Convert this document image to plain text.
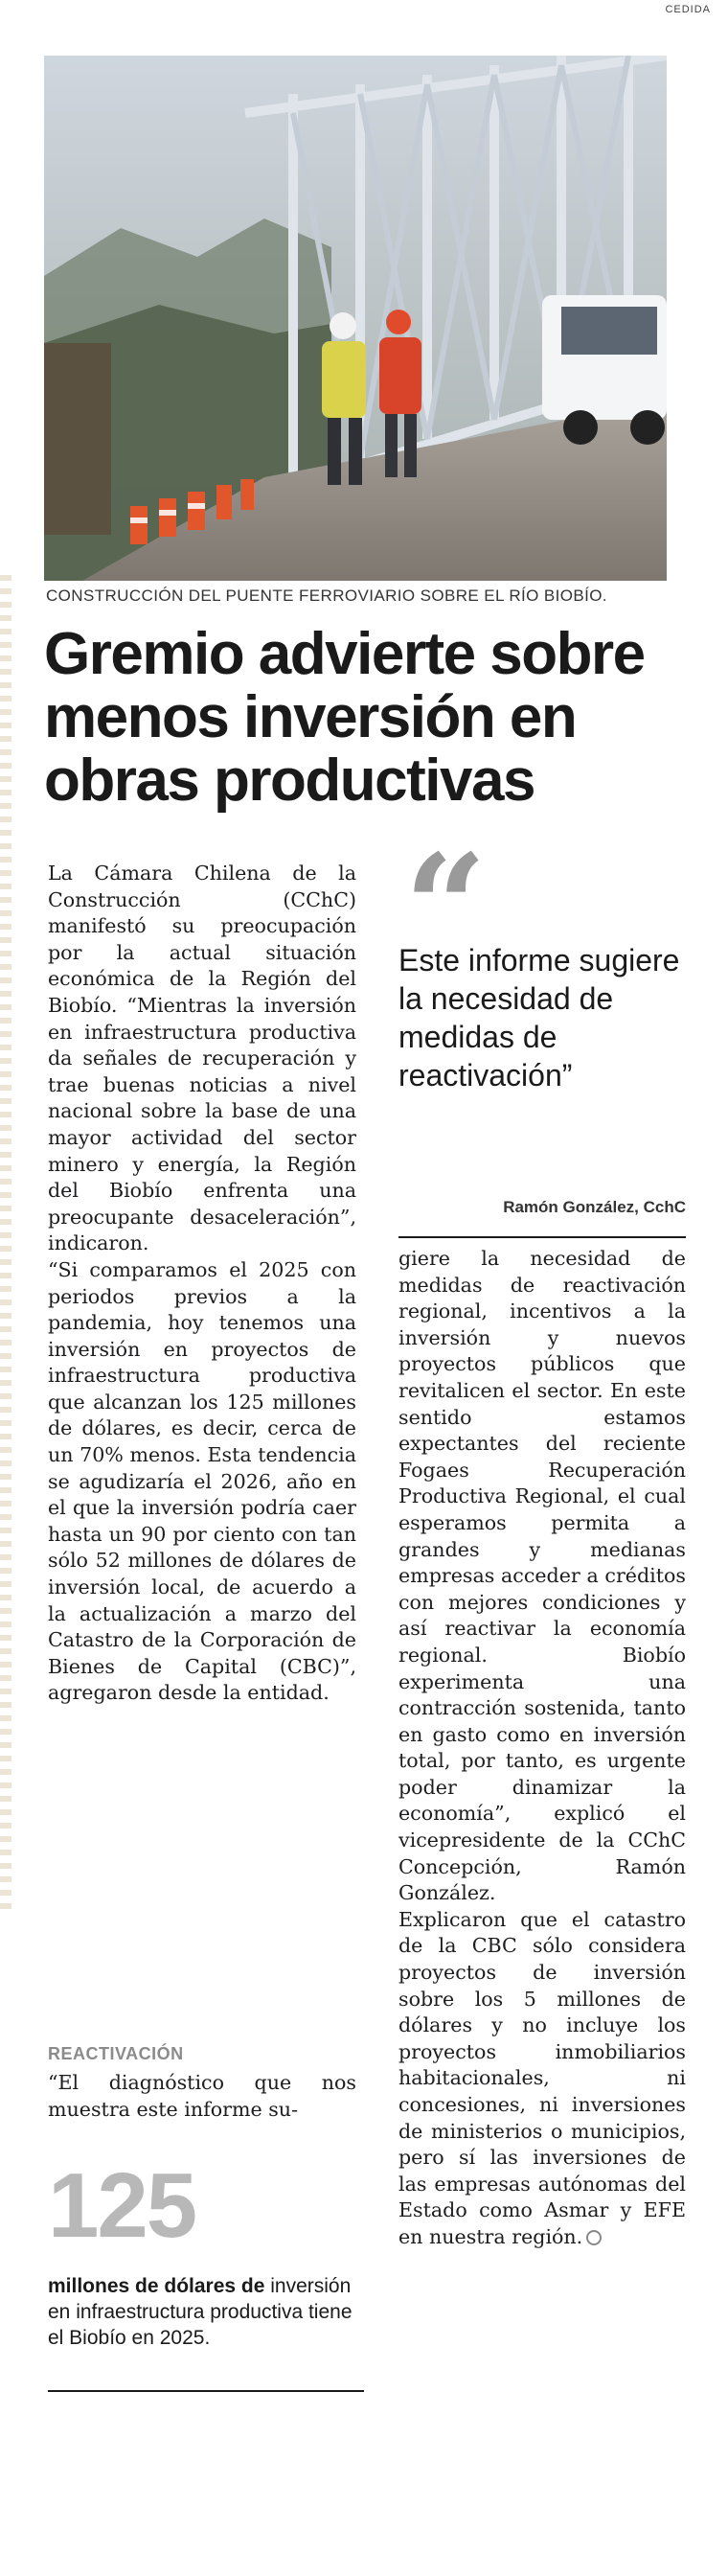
CEDIDA
CONSTRUCCIÓN DEL PUENTE FERROVIARIO SOBRE EL RÍO BIOBÍO.
Gremio advierte sobre menos inversión en obras productivas

La Cámara Chilena de la Construcción (CChC) manifestó su preocupación por la actual situación económica de la Región del Biobío. “Mientras la inversión en infraestructura productiva da señales de recuperación y trae buenas noticias a nivel nacional sobre la base de una mayor actividad del sector minero y energía, la Región del Biobío enfrenta una preocupante desaceleración”, indicaron.

“Si comparamos el 2025 con periodos previos a la pandemia, hoy tenemos una inversión en proyectos de infraestructura productiva que alcanzan los 125 millones de dólares, es decir, cerca de un 70% menos. Esta tendencia se agudizaría el 2026, año en el que la inversión podría caer hasta un 90 por ciento con tan sólo 52 millones de dólares de inversión local, de acuerdo a la actualización a marzo del Catastro de la Corporación de Bienes de Capital (CBC)”, agregaron desde la entidad.

REACTIVACIÓN
“El diagnóstico que nos muestra este informe su-
125
millones de dólares de inversión en infraestructura productiva tiene el Biobío en 2025.
“
Este informe sugiere la necesidad de medidas de reactivación”
Ramón González, CchC
giere la necesidad de medidas de reactivación regional, incentivos a la inversión y nuevos proyectos públicos que revitalicen el sector. En este sentido estamos expectantes del reciente Fogaes Recuperación Productiva Regional, el cual esperamos permita a grandes y medianas empresas acceder a créditos con mejores condiciones y así reactivar la economía regional. Biobío experimenta una contracción sostenida, tanto en gasto como en inversión total, por tanto, es urgente poder dinamizar la economía”, explicó el vicepresidente de la CChC Concepción, Ramón González.
Explicaron que el catastro de la CBC sólo considera proyectos de inversión sobre los 5 millones de dólares y no incluye los proyectos inmobiliarios habitacionales, ni concesiones, ni inversiones de ministerios o municipios, pero sí las inversiones de las empresas autónomas del Estado como Asmar y EFE en nuestra región.
